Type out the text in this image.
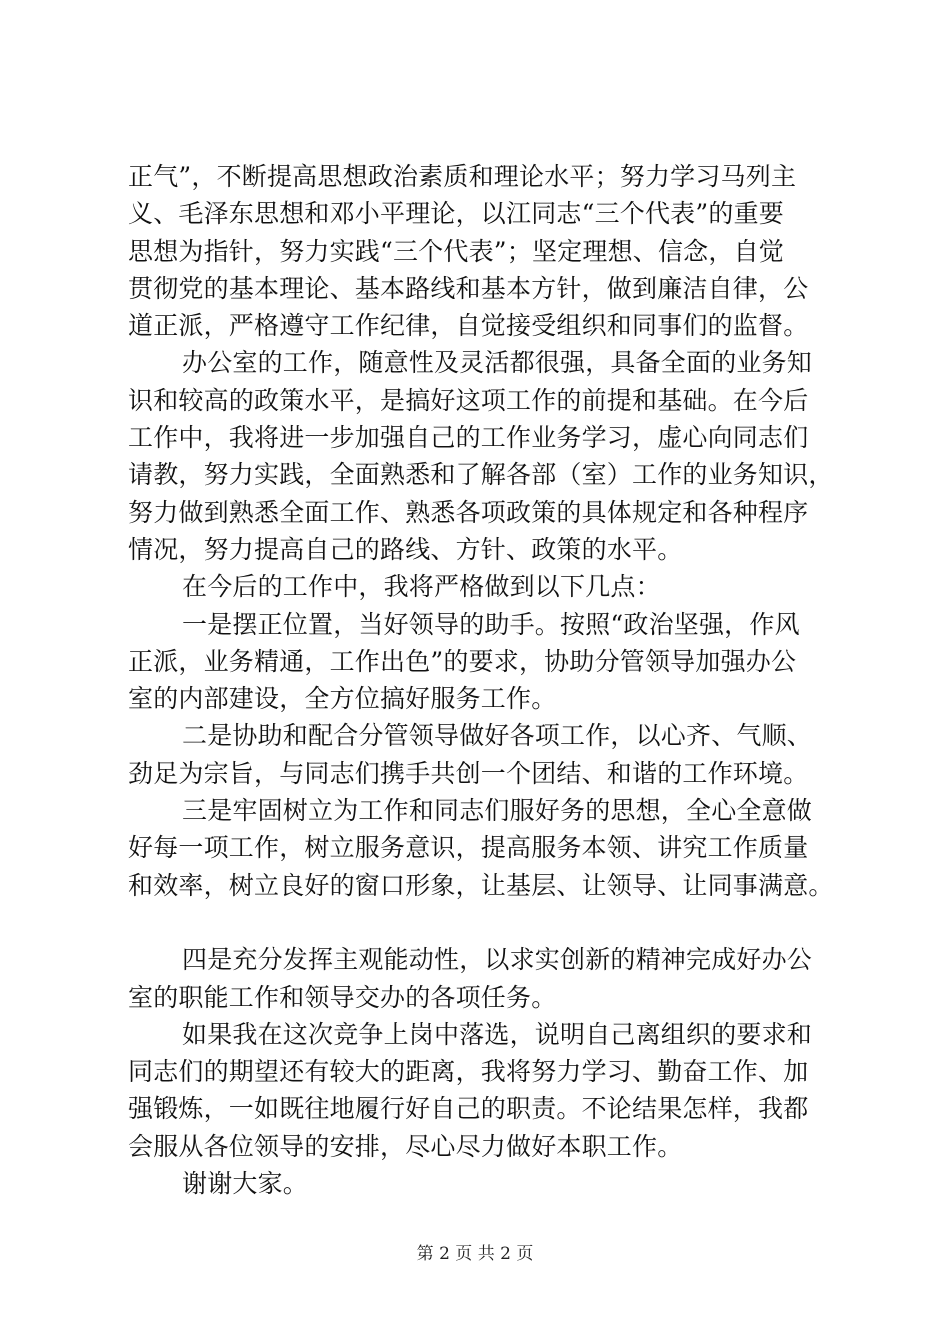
正气”，不断提高思想政治素质和理论水平；努力学习马列主
义、毛泽东思想和邓小平理论，以江同志“三个代表”的重要
思想为指针，努力实践“三个代表”；坚定理想、信念，自觉
贯彻党的基本理论、基本路线和基本方针，做到廉洁自律，公
道正派，严格遵守工作纪律，自觉接受组织和同事们的监督。
办公室的工作，随意性及灵活都很强，具备全面的业务知
识和较高的政策水平，是搞好这项工作的前提和基础。在今后
工作中，我将进一步加强自己的工作业务学习，虚心向同志们
请教，努力实践，全面熟悉和了解各部（室）工作的业务知识，
努力做到熟悉全面工作、熟悉各项政策的具体规定和各种程序
情况，努力提高自己的路线、方针、政策的水平。
在今后的工作中，我将严格做到以下几点：
一是摆正位置，当好领导的助手。按照“政治坚强，作风
正派，业务精通，工作出色”的要求，协助分管领导加强办公
室的内部建设，全方位搞好服务工作。
二是协助和配合分管领导做好各项工作，以心齐、气顺、
劲足为宗旨，与同志们携手共创一个团结、和谐的工作环境。
三是牢固树立为工作和同志们服好务的思想，全心全意做
好每一项工作，树立服务意识，提高服务本领、讲究工作质量
和效率，树立良好的窗口形象，让基层、让领导、让同事满意。
四是充分发挥主观能动性，以求实创新的精神完成好办公
室的职能工作和领导交办的各项任务。
如果我在这次竞争上岗中落选，说明自己离组织的要求和
同志们的期望还有较大的距离，我将努力学习、勤奋工作、加
强锻炼，一如既往地履行好自己的职责。不论结果怎样，我都
会服从各位领导的安排，尽心尽力做好本职工作。
谢谢大家。
第 2 页 共 2 页
